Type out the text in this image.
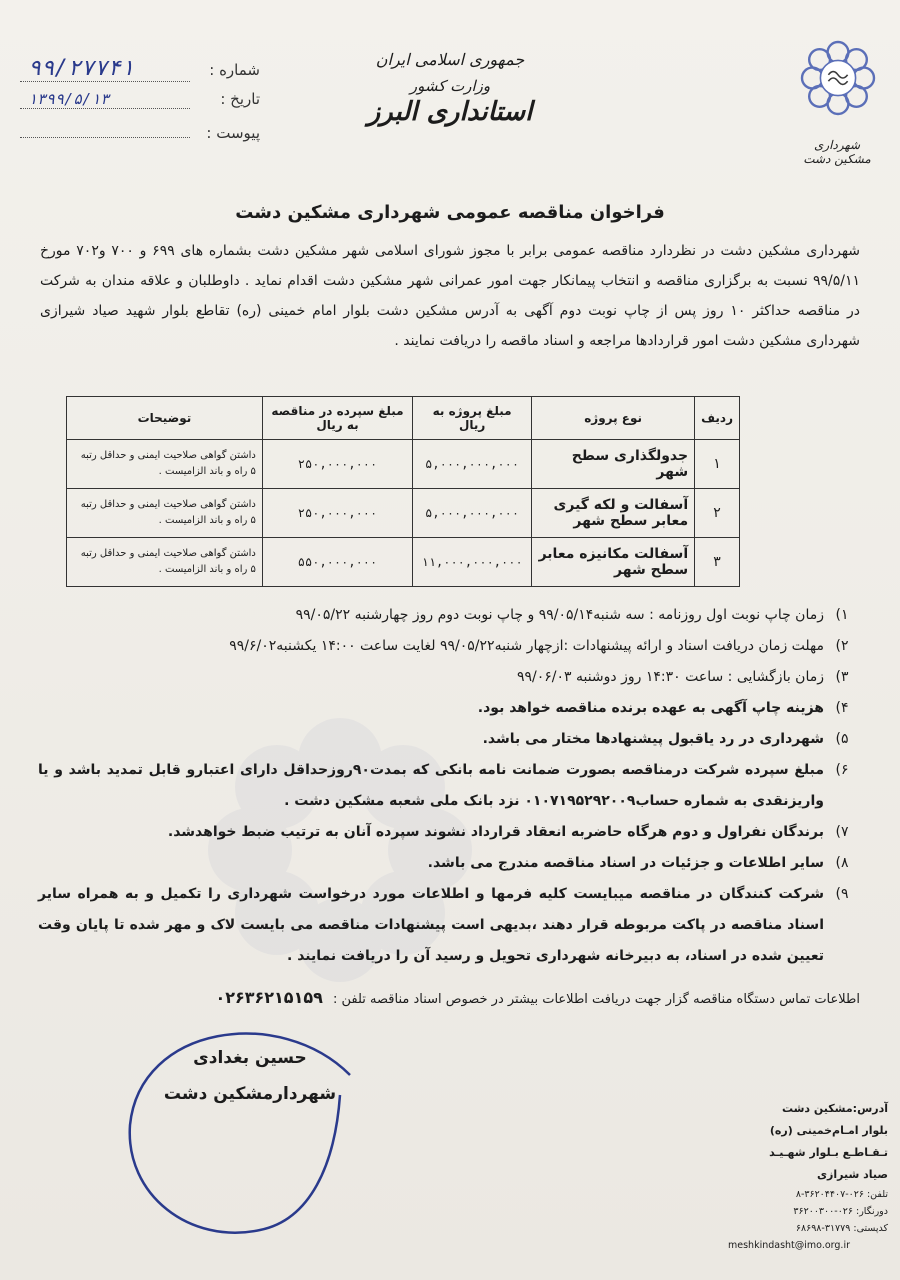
شهرداری مشکین دشت
جمهوری اسلامی ایران
وزارت کشور
استانداری البرز
شماره :
۹۹/۲۷۷۴۱
تاریخ :
۱۳۹۹/۵/۱۳
پیوست :
فراخوان مناقصه عمومی شهرداری مشکین دشت
شهرداری مشکین دشت در نظردارد مناقصه عمومی برابر با مجوز شورای اسلامی شهر مشکین دشت بشماره های ۶۹۹ و ۷۰۰ و۷۰۲ مورخ ۹۹/۵/۱۱ نسبت به برگزاری مناقصه و انتخاب پیمانکار جهت امور عمرانی شهر مشکین دشت اقدام نماید . داوطلبان و علاقه مندان به شرکت در مناقصه حداکثر ۱۰ روز پس از چاپ نوبت دوم آگهی به آدرس مشکین دشت بلوار امام خمینی (ره) تقاطع بلوار شهید صیاد شیرازی شهرداری مشکین دشت امور قراردادها مراجعه و اسناد ماقصه را دریافت نمایند .
ردیف	نوع پروژه	مبلغ پروژه به ریال	مبلغ سپرده در مناقصه به ریال	توضیحات
۱	جدولگذاری سطح شهر	۵,۰۰۰,۰۰۰,۰۰۰	۲۵۰,۰۰۰,۰۰۰	داشتن گواهی صلاحیت ایمنی و حداقل رتبه ۵ راه و باند الزامیست .
۲	آسفالت و لکه گیری معابر سطح شهر	۵,۰۰۰,۰۰۰,۰۰۰	۲۵۰,۰۰۰,۰۰۰	داشتن گواهی صلاحیت ایمنی و حداقل رتبه ۵ راه و باند الزامیست .
۳	آسفالت مکانیزه معابر سطح شهر	۱۱,۰۰۰,۰۰۰,۰۰۰	۵۵۰,۰۰۰,۰۰۰	داشتن گواهی صلاحیت ایمنی و حداقل رتبه ۵ راه و باند الزامیست .
۱)
زمان چاپ نوبت اول روزنامه : سه شنبه۹۹/۰۵/۱۴ و چاپ نوبت دوم روز چهارشنبه ۹۹/۰۵/۲۲
۲)
مهلت زمان دریافت اسناد و ارائه پیشنهادات :ازچهار شنبه۹۹/۰۵/۲۲ لغایت ساعت ۱۴:۰۰ یکشنبه۹۹/۶/۰۲
۳)
زمان بازگشایی : ساعت ۱۴:۳۰ روز دوشنبه ۹۹/۰۶/۰۳
۴)
هزینه چاپ آگهی به عهده برنده مناقصه خواهد بود.
۵)
شهرداری در رد یاقبول پیشنهادها مختار می باشد.
۶)
مبلغ سپرده شرکت درمناقصه بصورت ضمانت نامه بانکی که بمدت۹۰روزحداقل دارای اعتبارو قابل تمدید باشد و یا واریزنقدی به شماره حساب۰۱۰۷۱۹۵۲۹۲۰۰۹ نزد بانک ملی شعبه مشکین دشت .
۷)
برندگان نفراول و دوم هرگاه حاضربه انعقاد قرارداد نشوند سپرده آنان به ترتیب ضبط خواهدشد.
۸)
سایر اطلاعات و جزئیات در اسناد مناقصه مندرج می باشد.
۹)
شرکت کنندگان در مناقصه میبایست کلیه فرمها و اطلاعات مورد درخواست شهرداری را تکمیل و به همراه سایر اسناد مناقصه در پاکت مربوطه قرار دهند ،بدیهی است پیشنهادات مناقصه می بایست لاک و مهر شده تا پایان وقت تعیین شده در اسناد، به دبیرخانه شهرداری تحویل و رسید آن را دریافت نمایند .
اطلاعات تماس دستگاه مناقصه گزار جهت دریافت اطلاعات بیشتر در خصوص اسناد مناقصه تلفن : ۰۲۶۳۶۲۱۵۱۵۹
حسین بغدادی
شهردارمشکین دشت
آدرس:مشکین دشت
بلوار امـام‌خمینی (ره)
تـقـاطـع بـلوار شهـیـد
صیاد شیرازی
تلفن: ۰۲۶-۳۶۲۰۴۴۰۷-۸
دورنگار: ۰۲۶-۳۶۲۰۰۳۰۰
کدپستی: ۳۱۷۷۹-۶۸۶۹۸
meshkindasht@imo.org.ir
